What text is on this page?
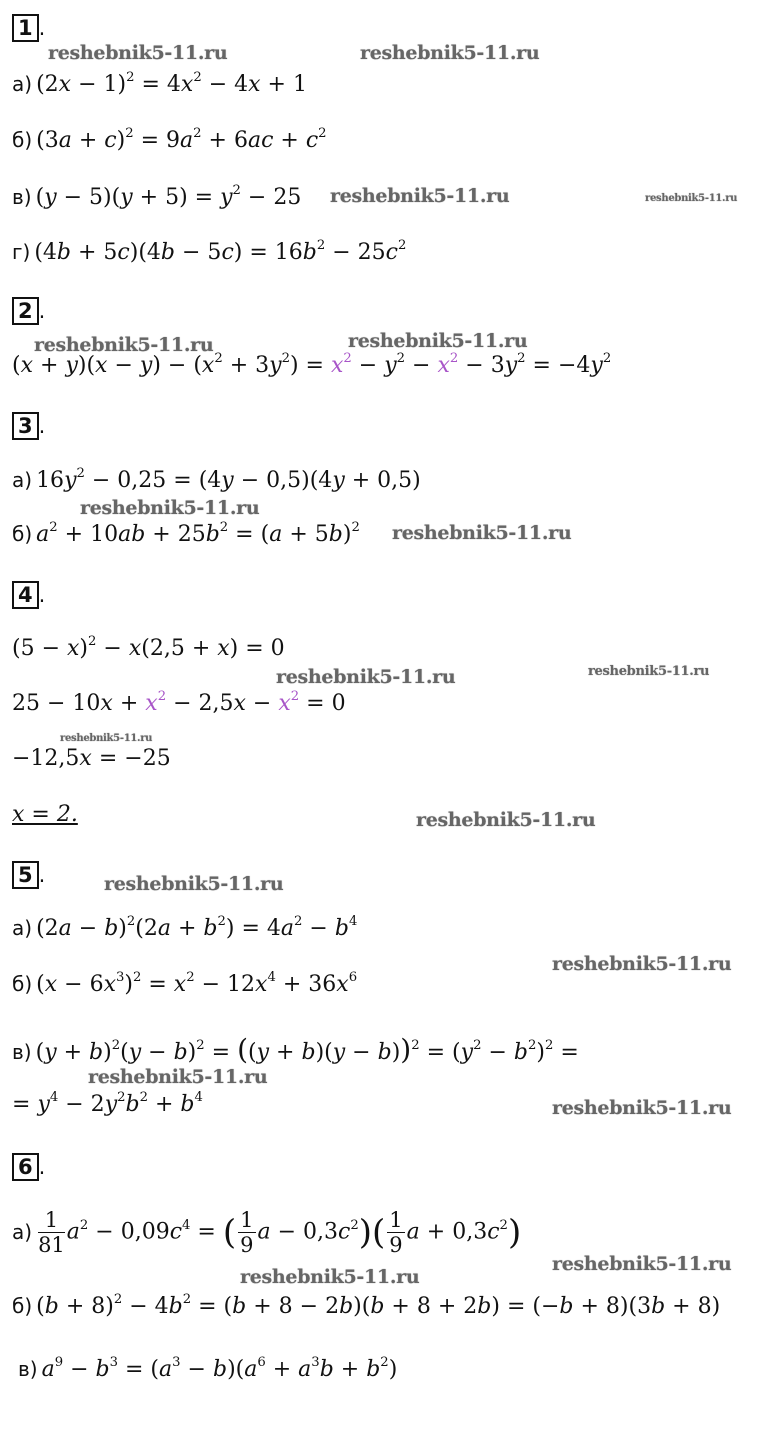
1 .
а) $(2x - 1)^2 = 4x^2 - 4x + 1$
б) $(3a + c)^2 = 9a^2 + 6ac + c^2$
в) $(y - 5)(y + 5) = y^2 - 25$
г) $(4b + 5c)(4b - 5c) = 16b^2 - 25c^2$
2 .
$(x + y)(x - y) - (x^2 + 3y^2) = x^2 - y^2 - x^2 - 3y^2 = -4y^2$
3 .
а) $16y^2 - 0,25 = (4y - 0,5)(4y + 0,5)$
б) $a^2 + 10ab + 25b^2 = (a + 5b)^2$
4 .
$(5 - x)^2 - x(2,5 + x) = 0$
$25 - 10x + x^2 - 2,5x - x^2 = 0$
−12,5x = −25
x = 2.
5 .
а) $(2a - b)^2(2a + b^2) = 4a^2 - b^4$
б) $(x - 6x^3)^2 = x^2 - 12x^4 + 36x^6$
в) $(y + b)^2(y - b)^2 = ((y + b)(y - b))^2 = (y^2 - b^2)^2$ =
= $y^4 - 2y^2b^2 + b^4$
6 .
$а) \frac{1}{81} a^2 - 0,09c^4$ = ( $\frac{1}{9}$ $a - 0,3c^2)( \frac{1}{9}$ $a + 0,3c^2$)
б) $(b + 8)^2 - 4b^2 = (b + 8 - 2b)(b + 8 + 2b) = (-b + 8)(3b + 8)$
в) $a^9 - b^3 = (a^3 - b)(a^6 + a^3b + b^2)$
reshebnik5-11.ru	reshebnik5-11.ru
reshebnik5-11.ru	reshebnik5-11.ru
reshebnik5-11.ru	reshebnik5-11.ru
reshebnik5-11.ru
reshebnik5-11.ru
reshebnik5-11.ru	reshebnik5-11.ru
reshebnik5-11.ru
reshebnik5-11.ru
reshebnik5-11.ru
reshebnik5-11.ru
reshebnik5-11.ru
reshebnik5-11.ru
reshebnik5-11.ru
reshebnik5-11.ru
